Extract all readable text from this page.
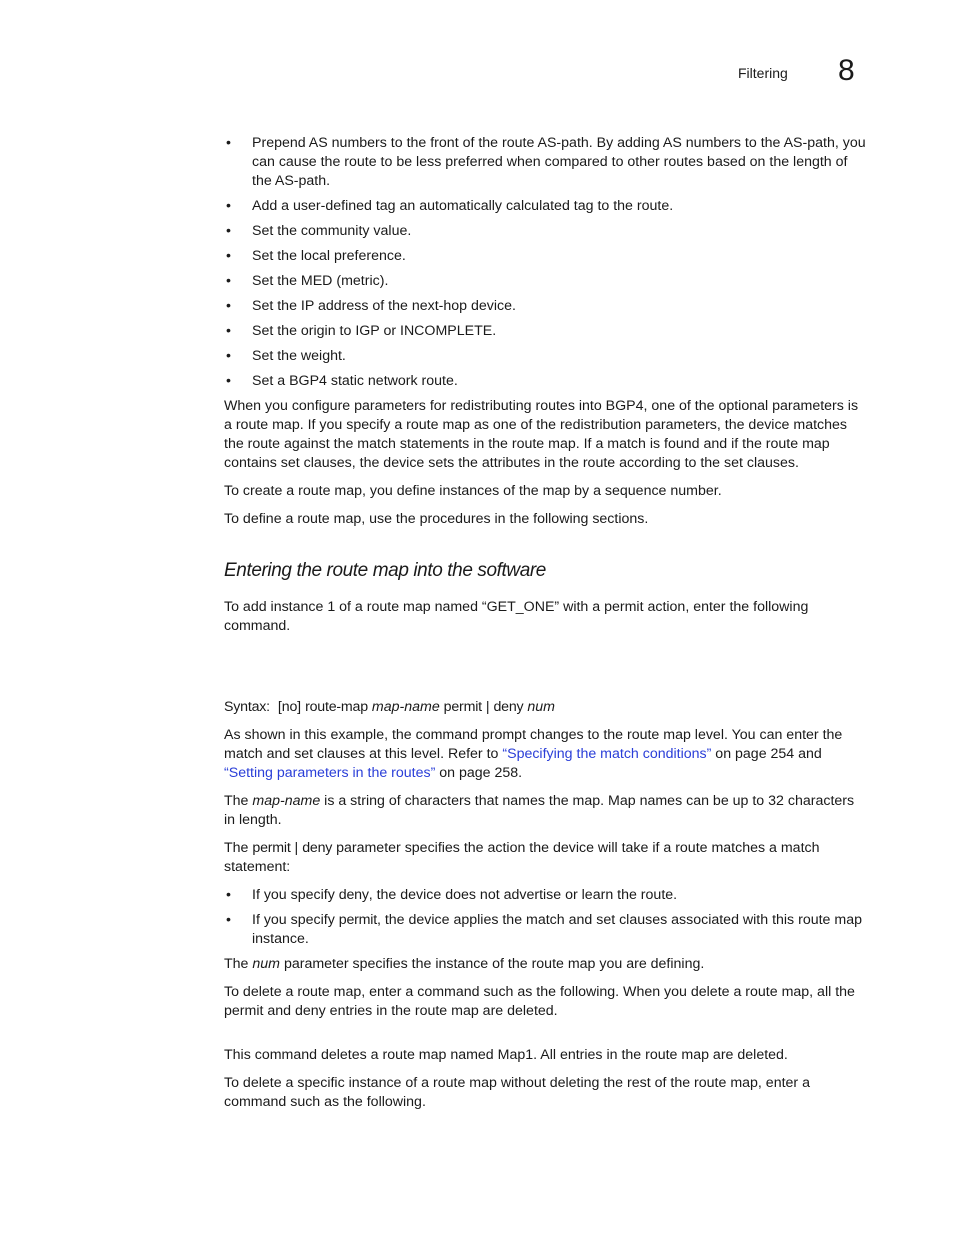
Filtering 8
• Prepend AS numbers to the front of the route AS-path. By adding AS numbers to the AS-path, you can cause the route to be less preferred when compared to other routes based on the length of the AS-path.
• Add a user-defined tag an automatically calculated tag to the route.
• Set the community value.
• Set the local preference.
• Set the MED (metric).
• Set the IP address of the next-hop device.
• Set the origin to IGP or INCOMPLETE.
• Set the weight.
• Set a BGP4 static network route.

When you configure parameters for redistributing routes into BGP4, one of the optional parameters is a route map. If you specify a route map as one of the redistribution parameters, the device matches the route against the match statements in the route map. If a match is found and if the route map contains set clauses, the device sets the attributes in the route according to the set clauses.

To create a route map, you define instances of the map by a sequence number.

To define a route map, use the procedures in the following sections.

Entering the route map into the software

To add instance 1 of a route map named “GET_ONE” with a permit action, enter the following command.

Syntax: [no] route-map map-name permit | deny num

As shown in this example, the command prompt changes to the route map level. You can enter the match and set clauses at this level. Refer to “Specifying the match conditions” on page 254 and “Setting parameters in the routes” on page 258.

The map-name is a string of characters that names the map. Map names can be up to 32 characters in length.

The permit | deny parameter specifies the action the device will take if a route matches a match statement:

• If you specify deny, the device does not advertise or learn the route.
• If you specify permit, the device applies the match and set clauses associated with this route map instance.

The num parameter specifies the instance of the route map you are defining.

To delete a route map, enter a command such as the following. When you delete a route map, all the permit and deny entries in the route map are deleted.

This command deletes a route map named Map1. All entries in the route map are deleted.

To delete a specific instance of a route map without deleting the rest of the route map, enter a command such as the following.
